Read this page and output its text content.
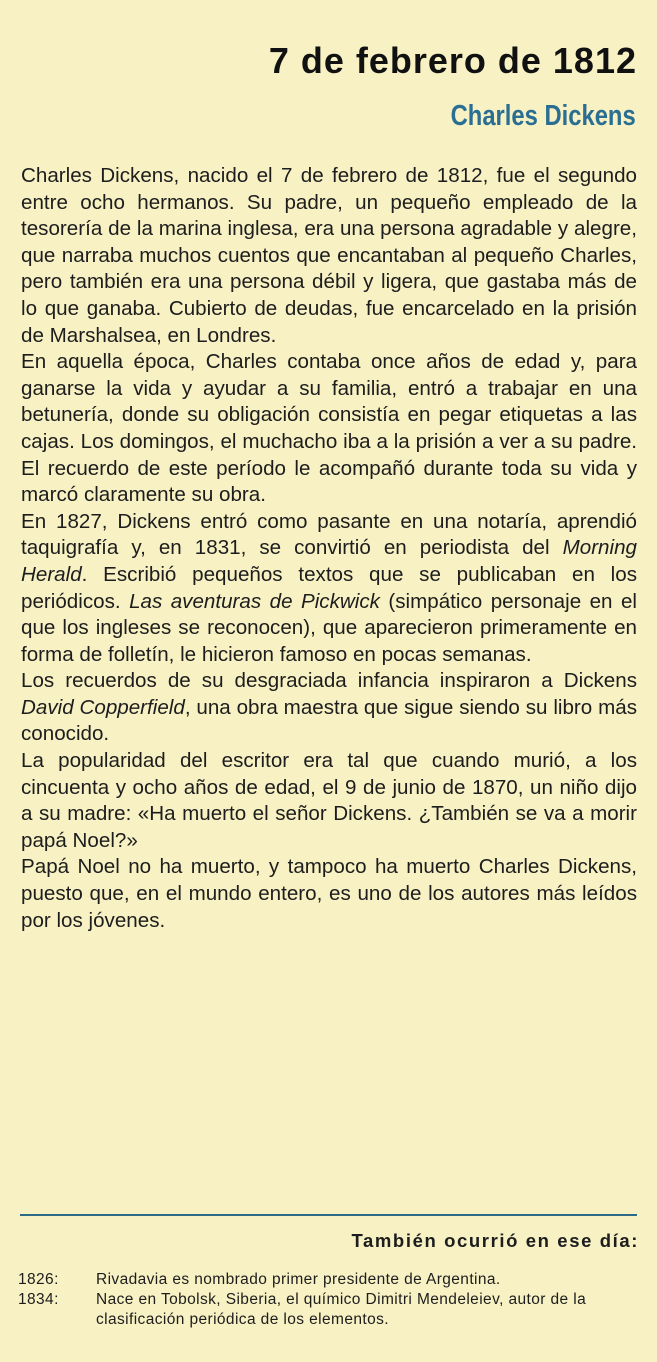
7 de febrero de 1812
Charles Dickens

Charles Dickens, nacido el 7 de febrero de 1812, fue el segundo entre ocho hermanos. Su padre, un pequeño empleado de la tesorería de la marina inglesa, era una persona agradable y alegre, que narraba muchos cuentos que encantaban al pequeño Charles, pero también era una persona débil y ligera, que gastaba más de lo que ganaba. Cubierto de deudas, fue encarcelado en la prisión de Marshalsea, en Londres.

En aquella época, Charles contaba once años de edad y, para ganarse la vida y ayudar a su familia, entró a trabajar en una betunería, donde su obligación consistía en pegar etiquetas a las cajas. Los domingos, el muchacho iba a la prisión a ver a su padre. El recuerdo de este período le acompañó durante toda su vida y marcó claramente su obra.

En 1827, Dickens entró como pasante en una notaría, aprendió taquigrafía y, en 1831, se convirtió en periodista del Morning Herald. Escribió pequeños textos que se publicaban en los periódicos. Las aventuras de Pickwick (simpático personaje en el que los ingleses se reconocen), que aparecieron primeramente en forma de folletín, le hicieron famoso en pocas semanas.

Los recuerdos de su desgraciada infancia inspiraron a Dickens David Copperfield, una obra maestra que sigue siendo su libro más conocido.

La popularidad del escritor era tal que cuando murió, a los cincuenta y ocho años de edad, el 9 de junio de 1870, un niño dijo a su madre: «Ha muerto el señor Dickens. ¿También se va a morir papá Noel?»

Papá Noel no ha muerto, y tampoco ha muerto Charles Dickens, puesto que, en el mundo entero, es uno de los autores más leídos por los jóvenes.

También ocurrió en ese día:
1826:	Rivadavia es nombrado primer presidente de Argentina.
1834:	Nace en Tobolsk, Siberia, el químico Dimitri Mendeleiev, autor de la clasificación periódica de los elementos.
